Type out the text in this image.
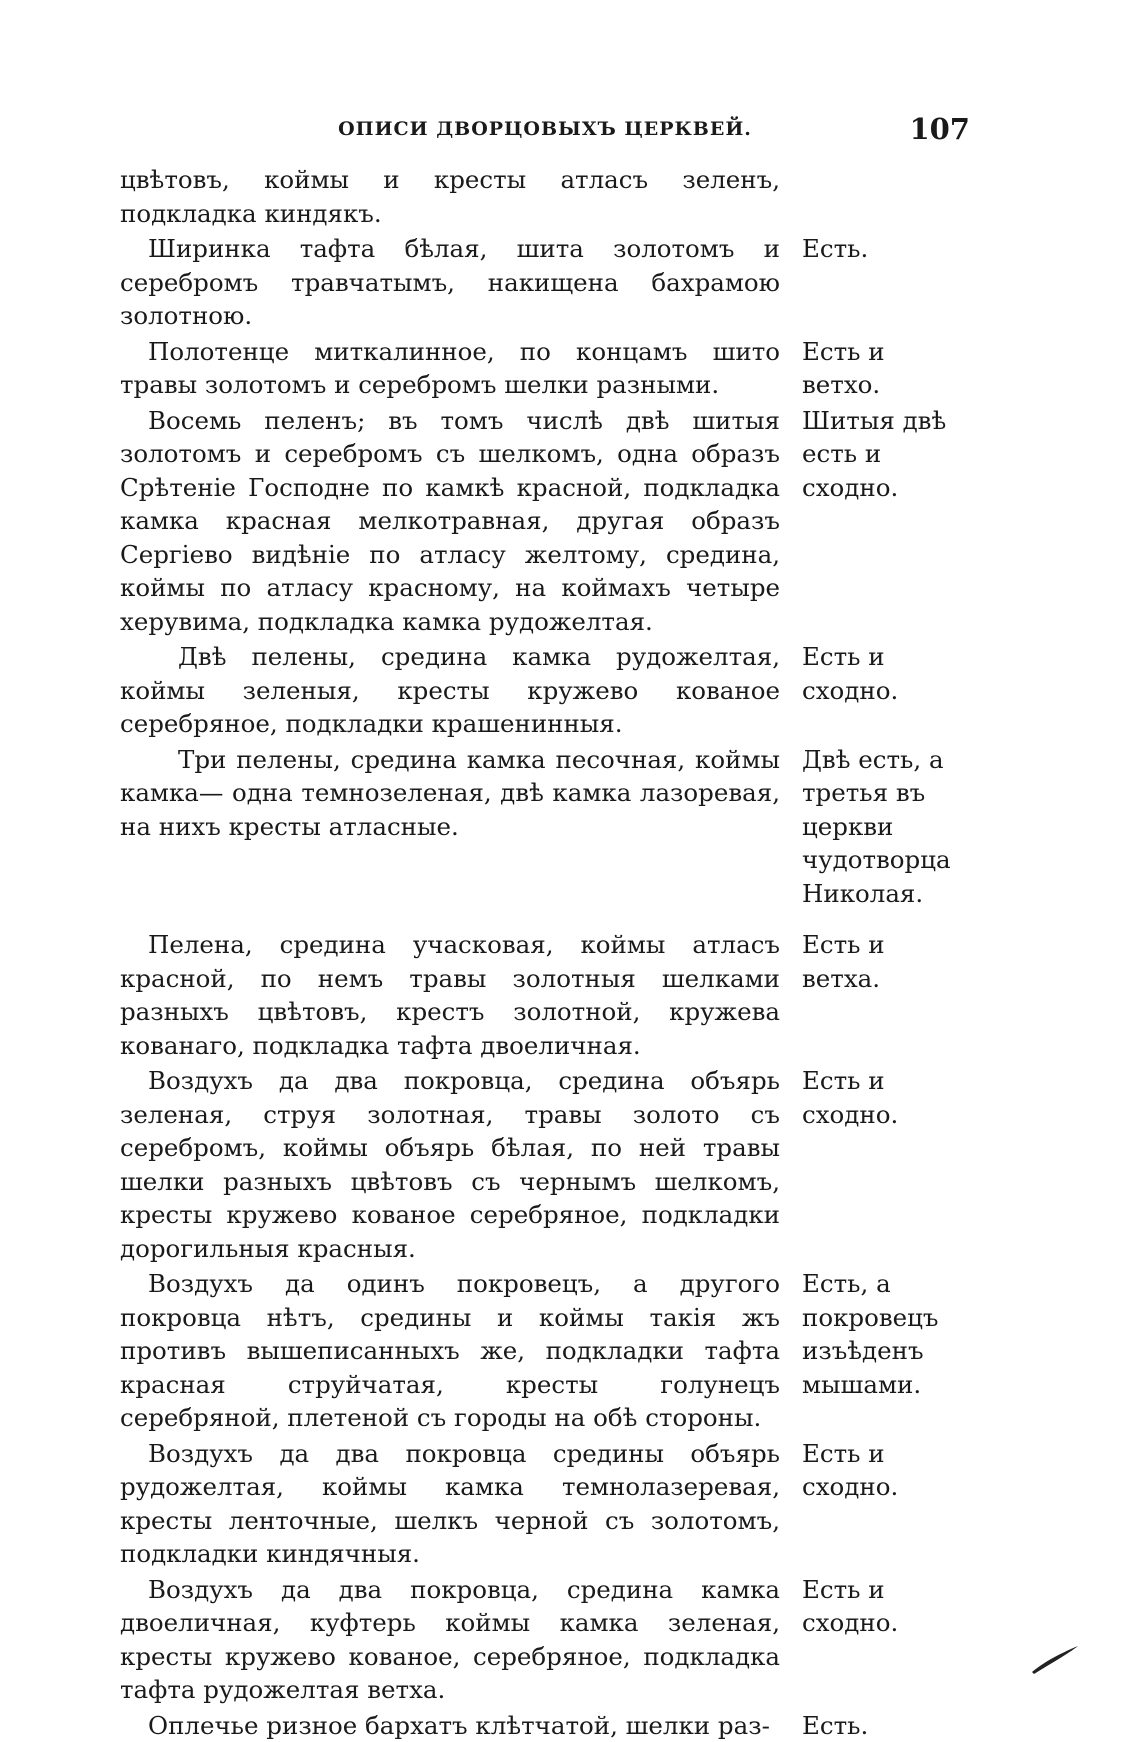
ОПИСИ ДВОРЦОВЫХЪ ЦЕРКВЕЙ.	107

цвѣтовъ, коймы и кресты атласъ зеленъ, подкладка киндякъ.

Ширинка тафта бѣлая, шита золотомъ и серебромъ травчатымъ, накищена бахрамою золотною.

Есть.

Полотенце миткалинное, по концамъ шито травы золотомъ и серебромъ шелки разными.

Есть и ветхо.

Восемь пеленъ; въ томъ числѣ двѣ шитыя золотомъ и серебромъ съ шелкомъ, одна образъ Срѣтеніе Господне по камкѣ красной, подкладка камка красная мелкотравная, другая образъ Сергіево видѣніе по атласу желтому, средина, коймы по атласу красному, на коймахъ четыре херувима, подкладка камка рудожелтая.

Шитыя двѣ есть и сходно.

Двѣ пелены, средина камка рудожелтая, коймы зеленыя, кресты кружево кованое серебряное, подкладки крашенинныя.

Есть и сходно.

Три пелены, средина камка песочная, коймы камка— одна темнозеленая, двѣ камка лазоревая, на нихъ кресты атласные.

Двѣ есть, а третья въ церкви чудотворца Николая.

Пелена, средина учасковая, коймы атласъ красной, по немъ травы золотныя шелками разныхъ цвѣтовъ, крестъ золотной, кружева кованаго, подкладка тафта двоеличная.

Есть и ветха.

Воздухъ да два покровца, средина объярь зеленая, струя золотная, травы золото съ серебромъ, коймы объярь бѣлая, по ней травы шелки разныхъ цвѣтовъ съ чернымъ шелкомъ, кресты кружево кованое серебряное, подкладки дорогильныя красныя.

Есть и сходно.

Воздухъ да одинъ покровецъ, а другого покровца нѣтъ, средины и коймы такія жъ противъ вышеписанныхъ же, подкладки тафта красная струйчатая, кресты голунецъ серебряной, плетеной съ городы на обѣ стороны.

Есть, а покровецъ изъѣденъ мышами.

Воздухъ да два покровца средины объярь рудожелтая, коймы камка темнолазеревая, кресты ленточные, шелкъ черной съ золотомъ, подкладки киндячныя.

Есть и сходно.

Воздухъ да два покровца, средина камка двоеличная, куфтерь коймы камка зеленая, кресты кружево кованое, серебряное, подкладка тафта рудожелтая ветха.

Есть и сходно.

Оплечье ризное бархатъ клѣтчатой, шелки раз-	Есть.
